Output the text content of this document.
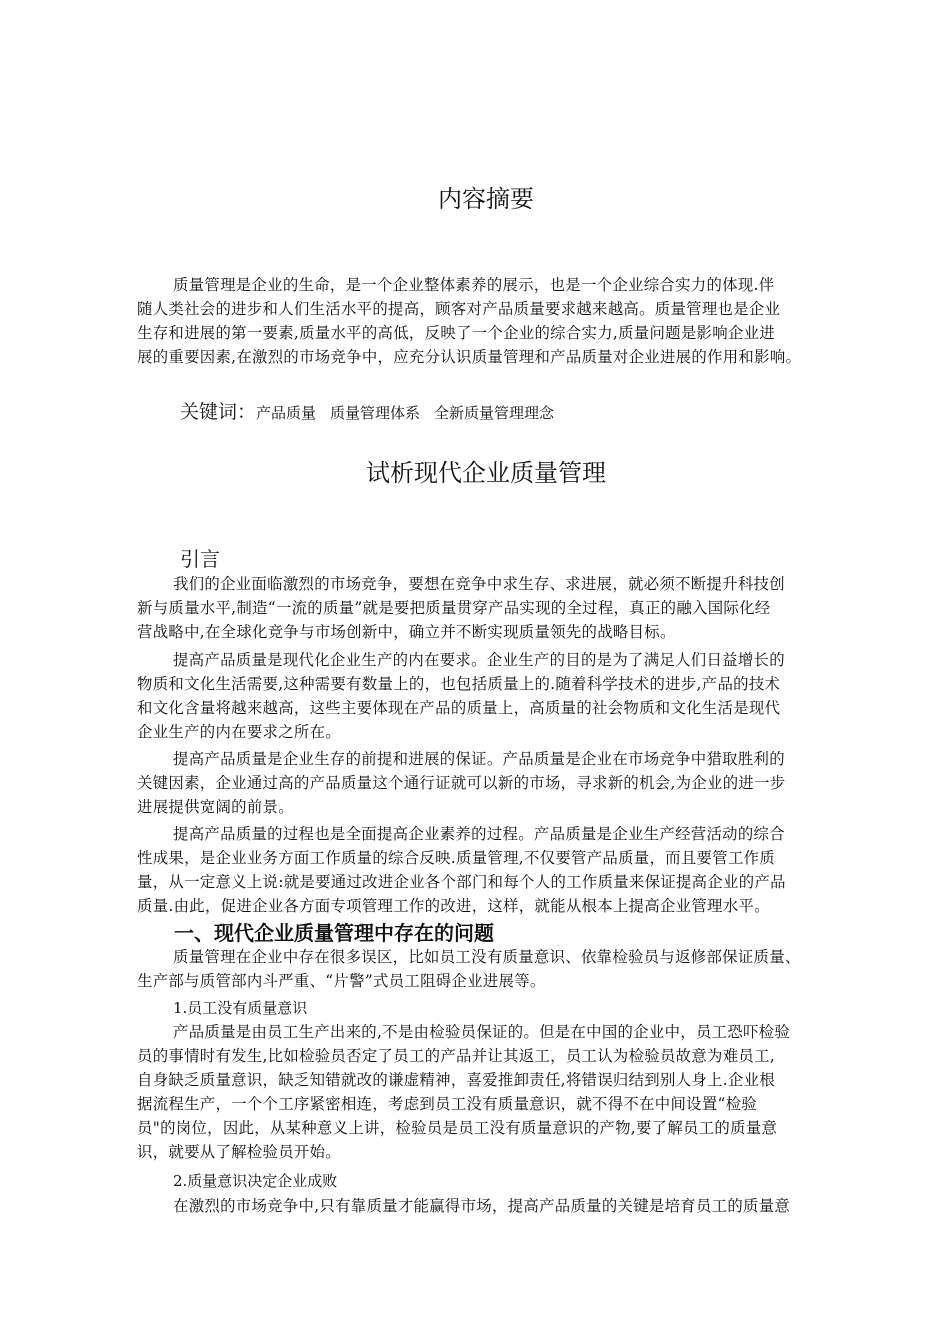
内容摘要
质量管理是企业的生命，是一个企业整体素养的展示，也是一个企业综合实力的体现.伴
随人类社会的进步和人们生活水平的提高，顾客对产品质量要求越来越高。质量管理也是企业
生存和进展的第一要素,质量水平的高低，反映了一个企业的综合实力,质量问题是影响企业进
展的重要因素,在激烈的市场竞争中，应充分认识质量管理和产品质量对企业进展的作用和影响。
关键词：产品质量 质量管理体系 全新质量管理理念
试析现代企业质量管理
引言
我们的企业面临激烈的市场竞争，要想在竞争中求生存、求进展，就必须不断提升科技创
新与质量水平,制造“一流的质量”就是要把质量贯穿产品实现的全过程，真正的融入国际化经
营战略中,在全球化竞争与市场创新中，确立并不断实现质量领先的战略目标。
提高产品质量是现代化企业生产的内在要求。企业生产的目的是为了满足人们日益增长的
物质和文化生活需要,这种需要有数量上的，也包括质量上的.随着科学技术的进步,产品的技术
和文化含量将越来越高，这些主要体现在产品的质量上，高质量的社会物质和文化生活是现代
企业生产的内在要求之所在。
提高产品质量是企业生存的前提和进展的保证。产品质量是企业在市场竞争中猎取胜利的
关键因素，企业通过高的产品质量这个通行证就可以新的市场，寻求新的机会,为企业的进一步
进展提供宽阔的前景。
提高产品质量的过程也是全面提高企业素养的过程。产品质量是企业生产经营活动的综合
性成果，是企业业务方面工作质量的综合反映.质量管理,不仅要管产品质量，而且要管工作质
量，从一定意义上说:就是要通过改进企业各个部门和每个人的工作质量来保证提高企业的产品
质量.由此，促进企业各方面专项管理工作的改进，这样，就能从根本上提高企业管理水平。
一、现代企业质量管理中存在的问题
质量管理在企业中存在很多误区，比如员工没有质量意识、依靠检验员与返修部保证质量、
生产部与质管部内斗严重、“片警”式员工阻碍企业进展等。
1.员工没有质量意识
产品质量是由员工生产出来的,不是由检验员保证的。但是在中国的企业中，员工恐吓检验
员的事情时有发生,比如检验员否定了员工的产品并让其返工，员工认为检验员故意为难员工,
自身缺乏质量意识，缺乏知错就改的谦虚精神，喜爱推卸责任,将错误归结到别人身上.企业根
据流程生产，一个个工序紧密相连，考虑到员工没有质量意识，就不得不在中间设置“检验
员"的岗位，因此，从某种意义上讲，检验员是员工没有质量意识的产物,要了解员工的质量意
识，就要从了解检验员开始。
2.质量意识决定企业成败
在激烈的市场竞争中,只有靠质量才能赢得市场，提高产品质量的关键是培育员工的质量意
